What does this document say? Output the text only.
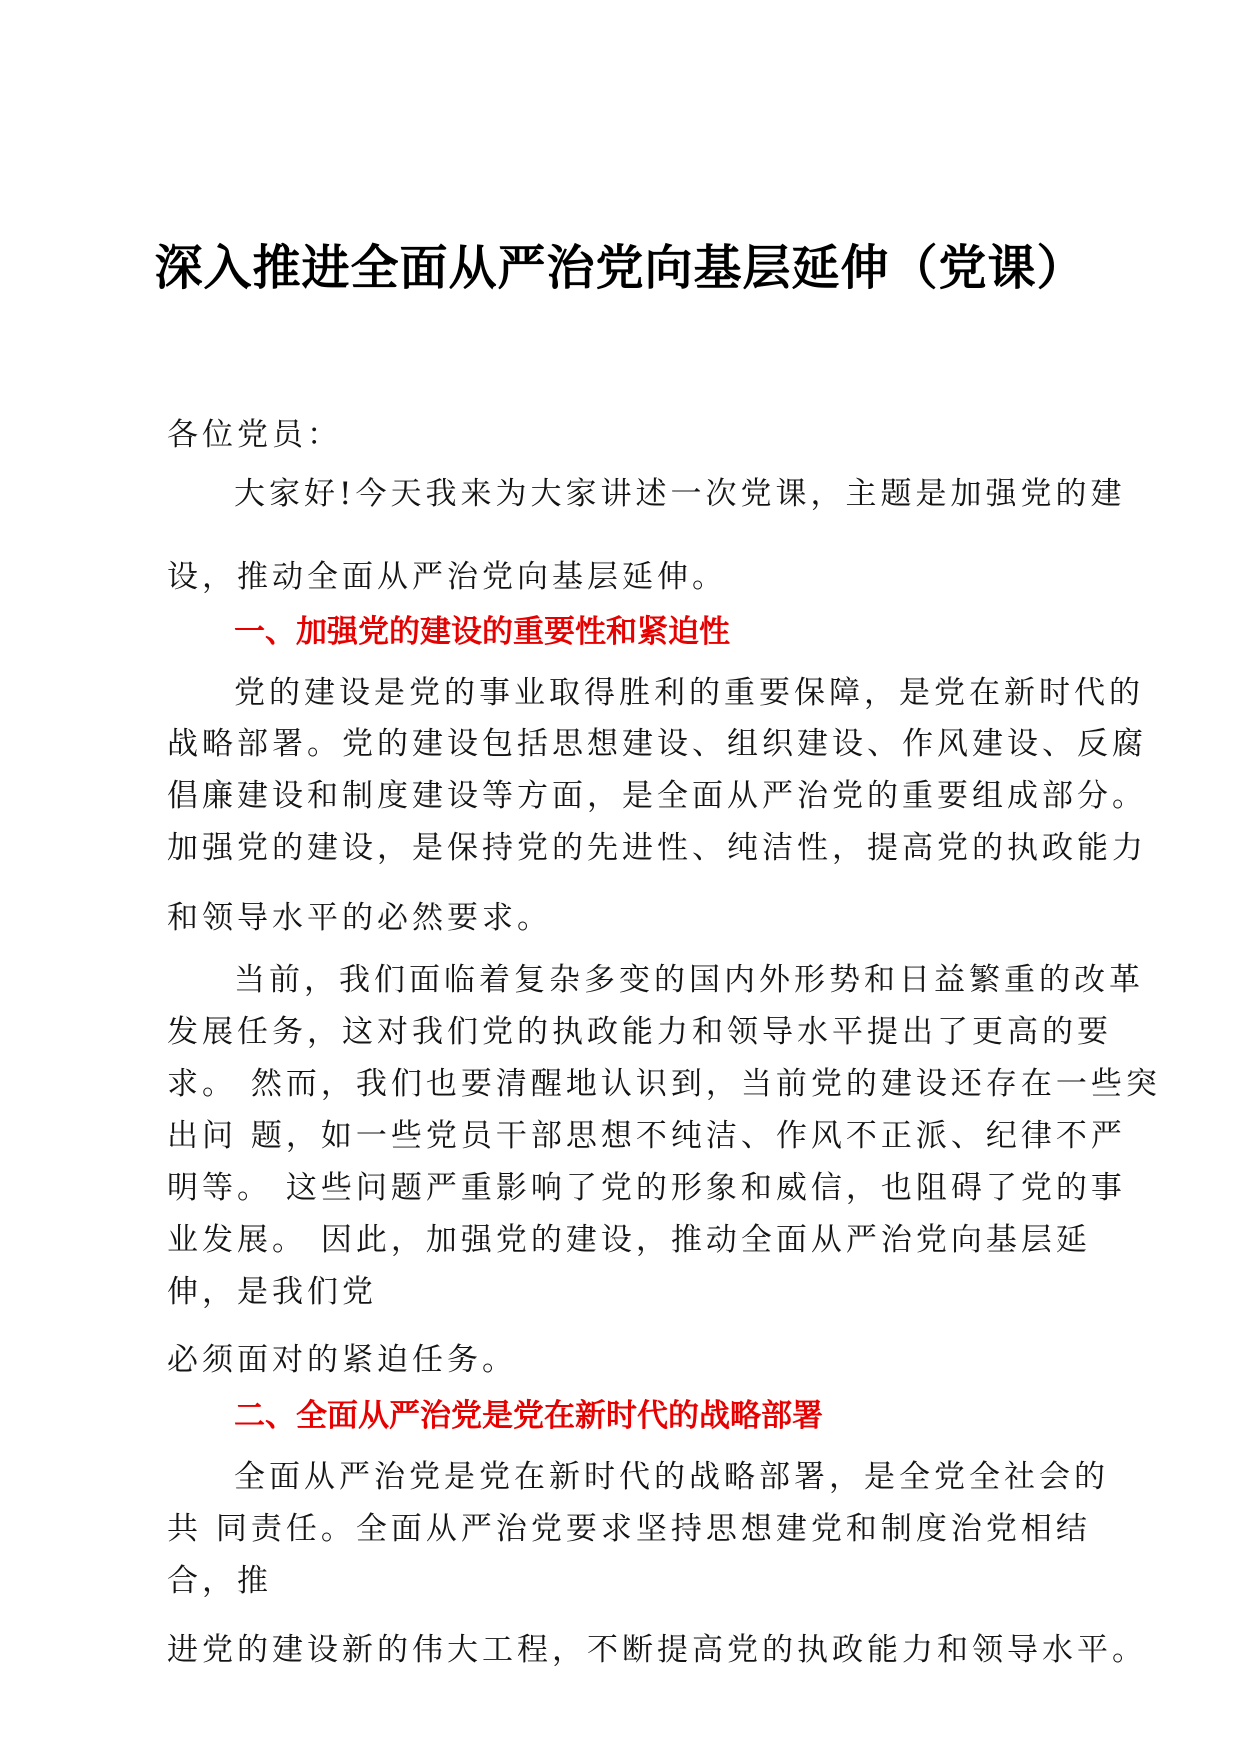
深入推进全面从严治党向基层延伸（党课）
各位党员：
大家好!今天我来为大家讲述一次党课，主题是加强党的建
设，推动全面从严治党向基层延伸。
一、加强党的建设的重要性和紧迫性
党的建设是党的事业取得胜利的重要保障，是党在新时代的
战略部署。党的建设包括思想建设、组织建设、作风建设、反腐
倡廉建设和制度建设等方面，是全面从严治党的重要组成部分。
加强党的建设，是保持党的先进性、纯洁性，提高党的执政能力
和领导水平的必然要求。
当前，我们面临着复杂多变的国内外形势和日益繁重的改革
发展任务，这对我们党的执政能力和领导水平提出了更高的要
求。 然而，我们也要清醒地认识到，当前党的建设还存在一些突
出问 题，如一些党员干部思想不纯洁、作风不正派、纪律不严
明等。 这些问题严重影响了党的形象和威信，也阻碍了党的事
业发展。 因此，加强党的建设，推动全面从严治党向基层延
伸，是我们党
必须面对的紧迫任务。
二、全面从严治党是党在新时代的战略部署
全面从严治党是党在新时代的战略部署，是全党全社会的
共 同责任。全面从严治党要求坚持思想建党和制度治党相结
合，推
进党的建设新的伟大工程，不断提高党的执政能力和领导水平。
